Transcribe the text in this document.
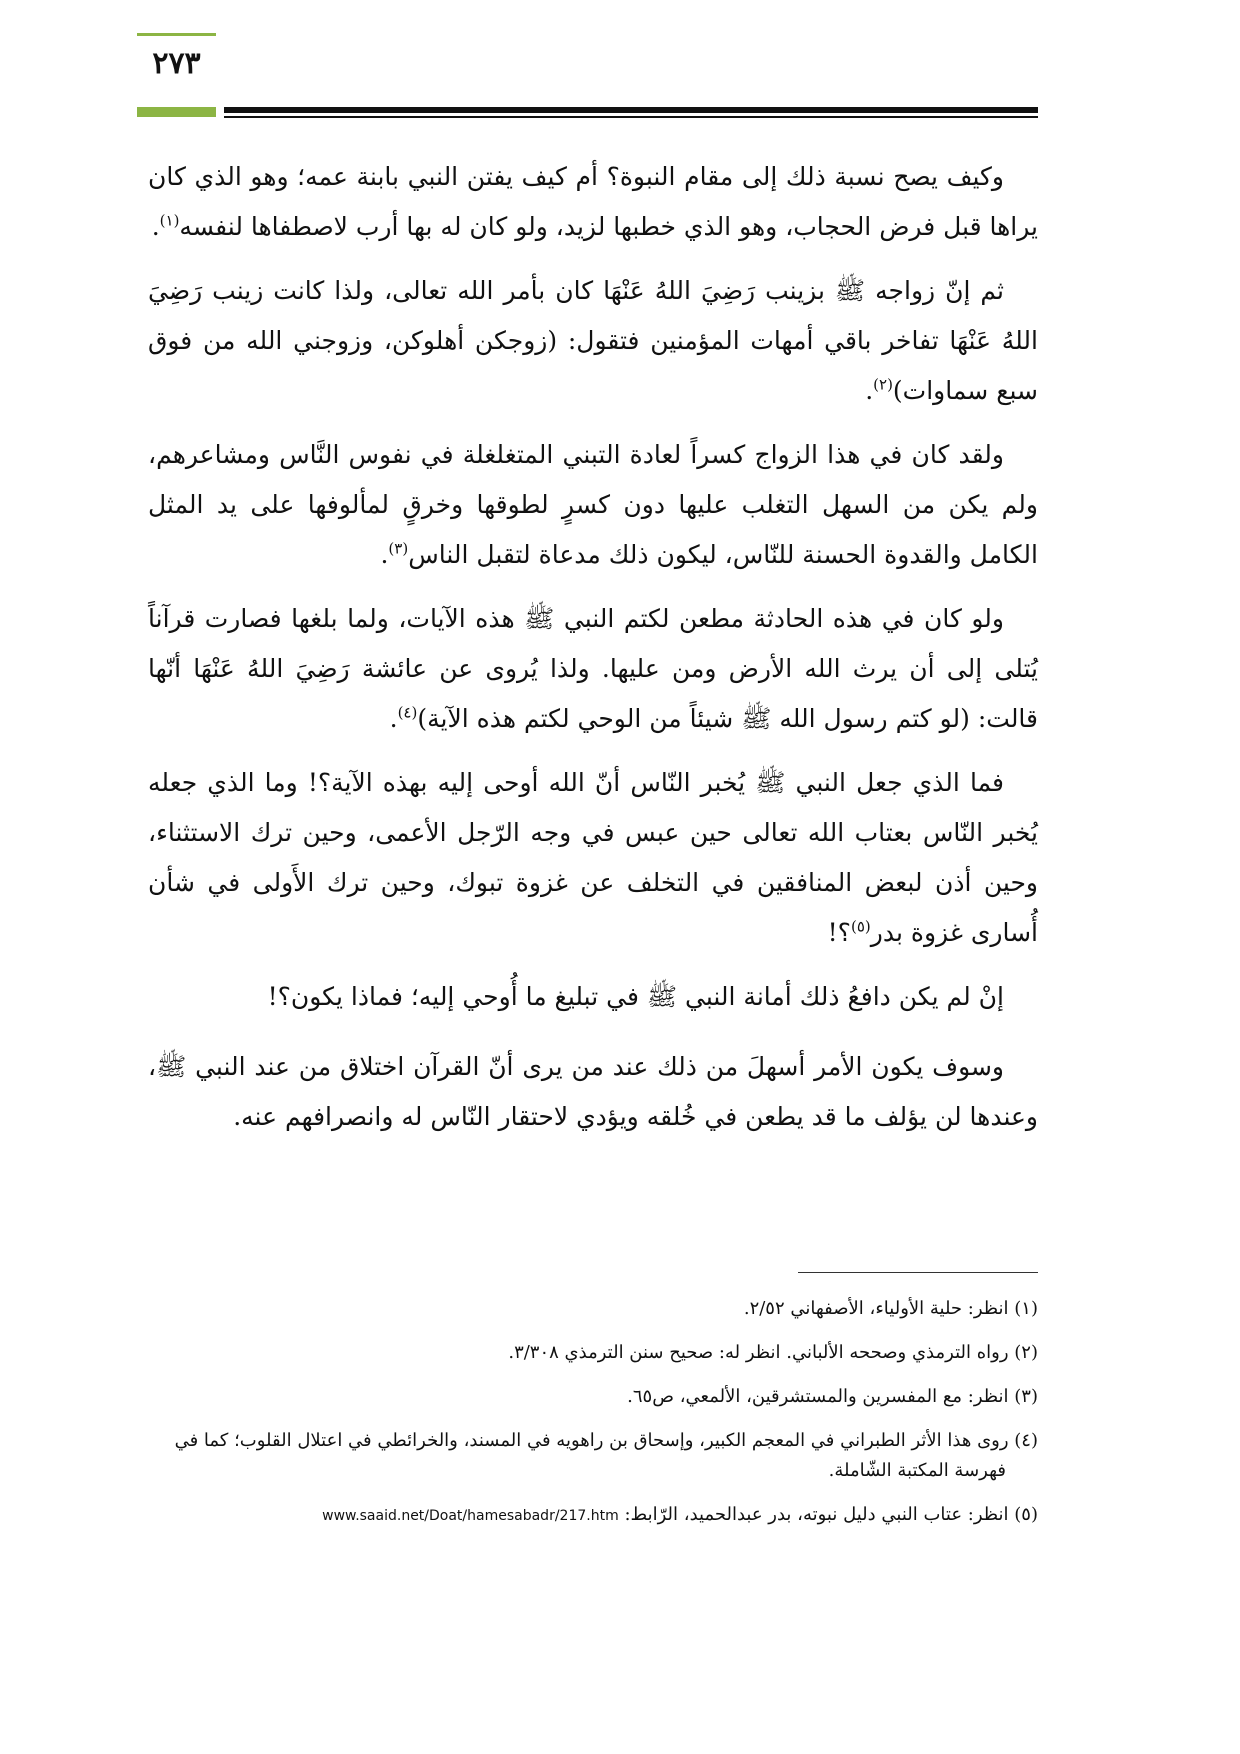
٢٧٣

وكيف يصح نسبة ذلك إلى مقام النبوة؟ أم كيف يفتن النبي بابنة عمه؛ وهو الذي كان يراها قبل فرض الحجاب، وهو الذي خطبها لزيد، ولو كان له بها أرب لاصطفاها لنفسه$^{(١)}$.

ثم إنّ زواجه ﷺ بزينب رَضِيَ اللهُ عَنْهَا كان بأمر الله تعالى، ولذا كانت زينب رَضِيَ اللهُ عَنْهَا تفاخر باقي أمهات المؤمنين فتقول: (زوجكن أهلوكن، وزوجني الله من فوق سبع سماوات)$^{(٢)}$.

ولقد كان في هذا الزواج كسراً لعادة التبني المتغلغلة في نفوس النَّاس ومشاعرهم، ولم يكن من السهل التغلب عليها دون كسرٍ لطوقها وخرقٍ لمألوفها على يد المثل الكامل والقدوة الحسنة للنّاس، ليكون ذلك مدعاة لتقبل الناس$^{(٣)}$.

ولو كان في هذه الحادثة مطعن لكتم النبي ﷺ هذه الآيات، ولما بلغها فصارت قرآناً يُتلى إلى أن يرث الله الأرض ومن عليها. ولذا يُروى عن عائشة رَضِيَ اللهُ عَنْهَا أنّها قالت: (لو كتم رسول الله ﷺ شيئاً من الوحي لكتم هذه الآية)$^{(٤)}$.

فما الذي جعل النبي ﷺ يُخبر النّاس أنّ الله أوحى إليه بهذه الآية؟! وما الذي جعله يُخبر النّاس بعتاب الله تعالى حين عبس في وجه الرّجل الأعمى، وحين ترك الاستثناء، وحين أذن لبعض المنافقين في التخلف عن غزوة تبوك، وحين ترك الأَولى في شأن أُسارى غزوة بدر$^{(٥)}$؟!

إنْ لم يكن دافعُ ذلك أمانة النبي ﷺ في تبليغ ما أُوحي إليه؛ فماذا يكون؟!

وسوف يكون الأمر أسهلَ من ذلك عند من يرى أنّ القرآن اختلاق من عند النبي ﷺ، وعندها لن يؤلف ما قد يطعن في خُلقه ويؤدي لاحتقار النّاس له وانصرافهم عنه.

(١) انظر: حلية الأولياء، الأصفهاني ٢/٥٢.
(٢) رواه الترمذي وصححه الألباني. انظر له: صحيح سنن الترمذي ٣/٣٠٨.
(٣) انظر: مع المفسرين والمستشرقين، الألمعي، ص٦٥.
(٤) روى هذا الأثر الطبراني في المعجم الكبير، وإسحاق بن راهويه في المسند، والخرائطي في اعتلال القلوب؛ كما في
فهرسة المكتبة الشّاملة.
(٥) انظر: عتاب النبي دليل نبوته، بدر عبدالحميد، الرّابط: www.saaid.net/Doat/hamesabadr/217.htm
